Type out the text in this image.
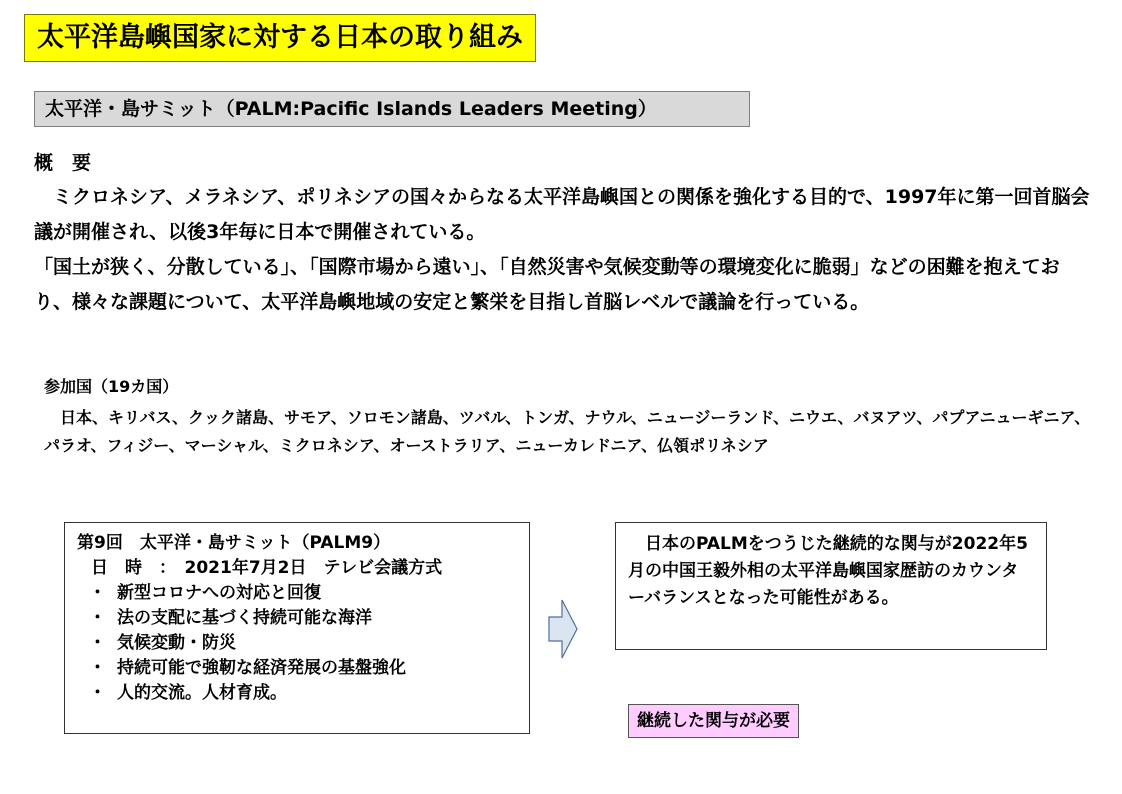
太平洋島嶼国家に対する日本の取り組み
太平洋・島サミット（PALM:Pacific Islands Leaders Meeting）
概　要

　ミクロネシア、メラネシア、ポリネシアの国々からなる太平洋島嶼国との関係を強化する目的で、1997年に第一回首脳会議が開催され、以後3年毎に日本で開催されている。

「国土が狭く、分散している」、「国際市場から遠い」、「自然災害や気候変動等の環境変化に脆弱」などの困難を抱えており、様々な課題について、太平洋島嶼地域の安定と繁栄を目指し首脳レベルで議論を行っている。

参加国（19カ国）
　日本、キリバス、クック諸島、サモア、ソロモン諸島、ツバル、トンガ、ナウル、ニュージーランド、ニウエ、バヌアツ、パプアニューギニア、パラオ、フィジー、マーシャル、ミクロネシア、オーストラリア、ニューカレドニア、仏領ポリネシア
第9回　太平洋・島サミット（PALM9）
日　時　：　2021年7月2日　テレビ会議方式
・ 新型コロナへの対応と回復
・ 法の支配に基づく持続可能な海洋
・ 気候変動・防災
・ 持続可能で強靭な経済発展の基盤強化
・ 人的交流。人材育成。
　日本のPALMをつうじた継続的な関与が2022年5月の中国王毅外相の太平洋島嶼国家歴訪のカウンターバランスとなった可能性がある。
継続した関与が必要
